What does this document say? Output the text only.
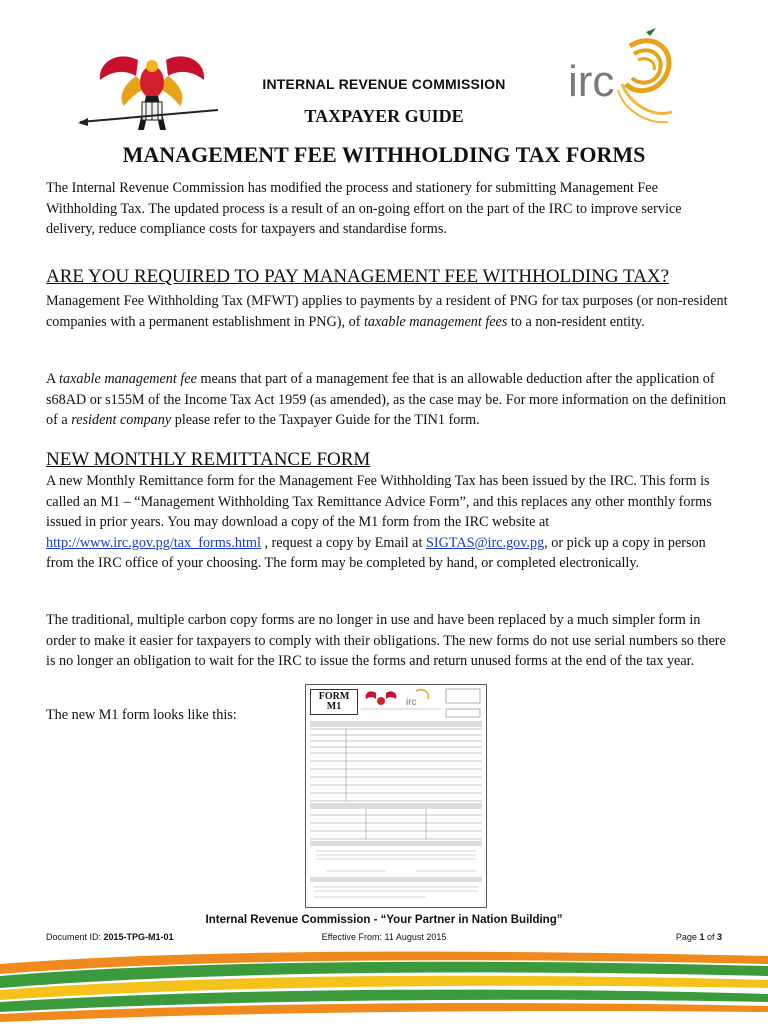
irc
INTERNAL REVENUE COMMISSION
TAXPAYER GUIDE
MANAGEMENT FEE WITHHOLDING TAX FORMS

The Internal Revenue Commission has modified the process and stationery for submitting Management Fee Withholding Tax. The updated process is a result of an on-going effort on the part of the IRC to improve service delivery, reduce compliance costs for taxpayers and standardise forms.

ARE YOU REQUIRED TO PAY MANAGEMENT FEE WITHHOLDING TAX?

Management Fee Withholding Tax (MFWT) applies to payments by a resident of PNG for tax purposes (or non-resident companies with a permanent establishment in PNG), of taxable management fees to a non-resident entity.

A taxable management fee means that part of a management fee that is an allowable deduction after the application of s68AD or s155M of the Income Tax Act 1959 (as amended), as the case may be. For more information on the definition of a resident company please refer to the Taxpayer Guide for the TIN1 form.

NEW MONTHLY REMITTANCE FORM

A new Monthly Remittance form for the Management Fee Withholding Tax has been issued by the IRC. This form is called an M1 – “Management Withholding Tax Remittance Advice Form”, and this replaces any other monthly forms issued in prior years. You may download a copy of the M1 form from the IRC website at http://www.irc.gov.pg/tax_forms.html , request a copy by Email at SIGTAS@irc.gov.pg, or pick up a copy in person from the IRC office of your choosing. The form may be completed by hand, or completed electronically.

The traditional, multiple carbon copy forms are no longer in use and have been replaced by a much simpler form in order to make it easier for taxpayers to comply with their obligations. The new forms do not use serial numbers so there is no longer an obligation to wait for the IRC to issue the forms and return unused forms at the end of the tax year.

The new M1 form looks like this:

FORM
M1	irc
Internal Revenue Commission - “Your Partner in Nation Building”
Document ID: 2015-TPG-M1-01	Effective From: 11 August 2015	Page 1 of 3
